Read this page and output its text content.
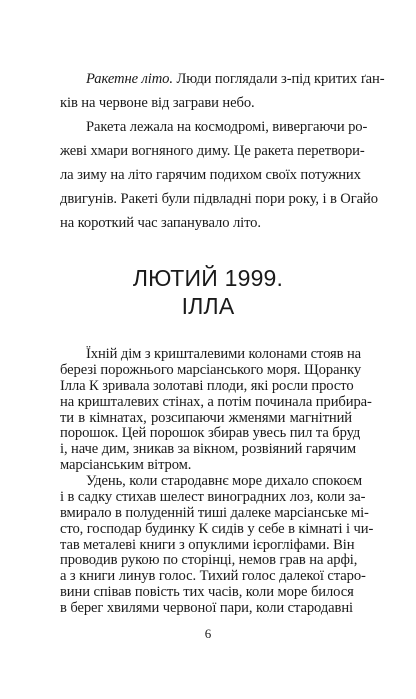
Ракетне літо. Люди поглядали з-під критих ґан-
ків на червоне від заграви небо.
Ракета лежала на космодромі, вивергаючи ро-
жеві хмари вогняного диму. Це ракета перетвори-
ла зиму на літо гарячим подихом своїх потужних
двигунів. Ракеті були підвладні пори року, і в Огайо
на короткий час запанувало літо.
ЛЮТИЙ 1999.
ІЛЛА
Їхній дім з кришталевими колонами стояв на
березі порожнього марсіанського моря. Щоранку
Ілла К зривала золотаві плоди, які росли просто
на кришталевих стінах, а потім починала прибира-
ти в кімнатах, розсипаючи жменями магнітний
порошок. Цей порошок збирав увесь пил та бруд
і, наче дим, зникав за вікном, розвіяний гарячим
марсіанським вітром.
Удень, коли стародавнє море дихало спокоєм
і в садку стихав шелест виноградних лоз, коли за-
вмирало в полуденній тиші далеке марсіанське мі-
сто, господар будинку К сидів у себе в кімнаті і чи-
тав металеві книги з опуклими ієрогліфами. Він
проводив рукою по сторінці, немов грав на арфі,
а з книги линув голос. Тихий голос далекої старо-
вини співав повість тих часів, коли море билося
в берег хвилями червоної пари, коли стародавні
6
